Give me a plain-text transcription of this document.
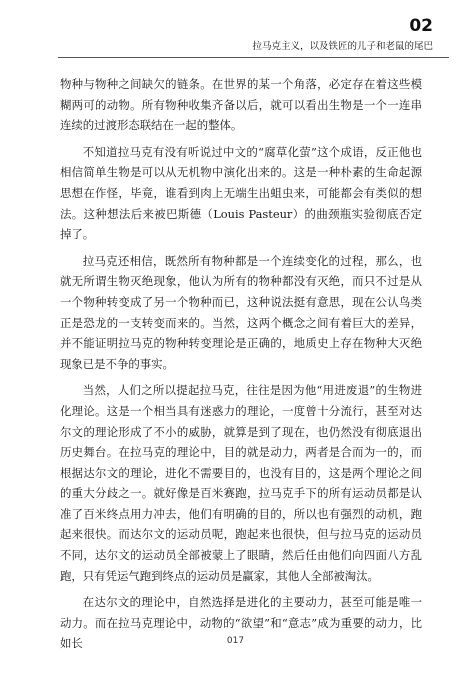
02
拉马克主义，以及铁匠的儿子和老鼠的尾巴

物种与物种之间缺欠的链条。在世界的某一个角落，必定存在着这些模糊两可的动物。所有物种收集齐备以后，就可以看出生物是一个一连串连续的过渡形态联结在一起的整体。

不知道拉马克有没有听说过中文的“腐草化萤”这个成语，反正他也相信简单生物是可以从无机物中演化出来的。这是一种朴素的生命起源思想在作怪，毕竟，谁看到肉上无端生出蛆虫来，可能都会有类似的想法。这种想法后来被巴斯德（Louis Pasteur）的曲颈瓶实验彻底否定掉了。

拉马克还相信，既然所有物种都是一个连续变化的过程，那么，也就无所谓生物灭绝现象，他认为所有的物种都没有灭绝，而只不过是从一个物种转变成了另一个物种而已，这种说法挺有意思，现在公认鸟类正是恐龙的一支转变而来的。当然，这两个概念之间有着巨大的差异，并不能证明拉马克的物种转变理论是正确的，地质史上存在物种大灭绝现象已是不争的事实。

当然，人们之所以提起拉马克，往往是因为他“用进废退”的生物进化理论。这是一个相当具有迷惑力的理论，一度曾十分流行，甚至对达尔文的理论形成了不小的威胁，就算是到了现在，也仍然没有彻底退出历史舞台。在拉马克的理论中，目的就是动力，两者是合而为一的，而根据达尔文的理论，进化不需要目的，也没有目的，这是两个理论之间的重大分歧之一。就好像是百米赛跑，拉马克手下的所有运动员都是认准了百米终点用力冲去，他们有明确的目的，所以也有强烈的动机，跑起来很快。而达尔文的运动员呢，跑起来也很快，但与拉马克的运动员不同，达尔文的运动员全部被蒙上了眼睛，然后任由他们向四面八方乱跑，只有凭运气跑到终点的运动员是赢家，其他人全部被淘汰。

在达尔文的理论中，自然选择是进化的主要动力，甚至可能是唯一动力。而在拉马克理论中，动物的“欲望”和“意志”成为重要的动力，比如长	017
